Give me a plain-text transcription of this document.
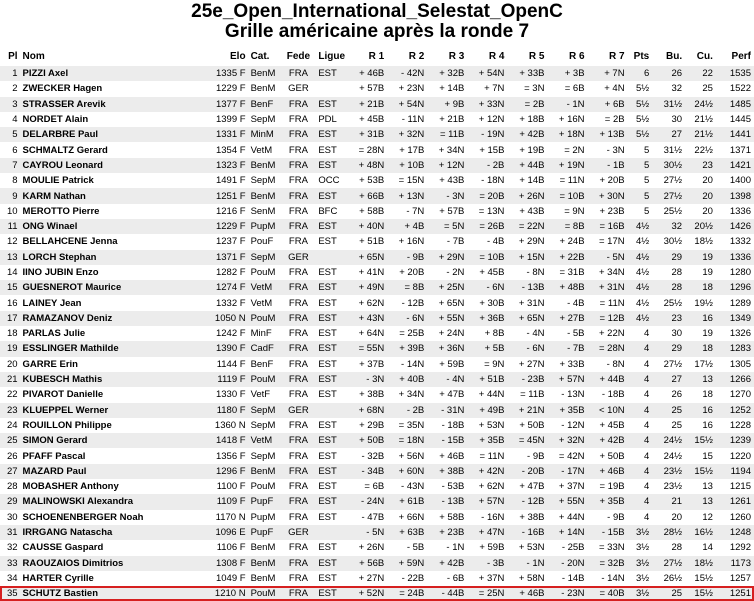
25e_Open_International_Selestat_OpenC
Grille américaine après la ronde 7
Pl	Nom	Elo	Cat.	Fede	Ligue	R 1	R 2	R 3	R 4	R 5	R 6	R 7	Pts	Bu.	Cu.	Perf
1	PIZZI Axel	1335 F	BenM	FRA	EST	+ 46B	- 42N	+ 32B	+ 54N	+ 33B	+ 3B	+ 7N	6	26	22	1535
2	ZWECKER Hagen	1229 F	BenM	GER		+ 57B	+ 23N	+ 14B	+ 7N	= 3N	= 6B	+ 4N	5½	32	25	1522
3	STRASSER Arevik	1377 F	BenF	FRA	EST	+ 21B	+ 54N	+ 9B	+ 33N	= 2B	- 1N	+ 6B	5½	31½	24½	1485
4	NORDET Alain	1399 F	SepM	FRA	PDL	+ 45B	- 11N	+ 21B	+ 12N	+ 18B	+ 16N	= 2B	5½	30	21½	1445
5	DELARBRE Paul	1331 F	MinM	FRA	EST	+ 31B	+ 32N	= 11B	- 19N	+ 42B	+ 18N	+ 13B	5½	27	21½	1441
6	SCHMALTZ Gerard	1354 F	VetM	FRA	EST	= 28N	+ 17B	+ 34N	+ 15B	+ 19B	= 2N	- 3N	5	31½	22½	1371
7	CAYROU Leonard	1323 F	BenM	FRA	EST	+ 48N	+ 10B	+ 12N	- 2B	+ 44B	+ 19N	- 1B	5	30½	23	1421
8	MOULIE Patrick	1491 F	SepM	FRA	OCC	+ 53B	= 15N	+ 43B	- 18N	+ 14B	= 11N	+ 20B	5	27½	20	1400
9	KARM Nathan	1251 F	BenM	FRA	EST	+ 66B	+ 13N	- 3N	= 20B	+ 26N	= 10B	+ 30N	5	27½	20	1398
10	MEROTTO Pierre	1216 F	SenM	FRA	BFC	+ 58B	- 7N	+ 57B	= 13N	+ 43B	= 9N	+ 23B	5	25½	20	1336
11	ONG Winael	1229 F	PupM	FRA	EST	+ 40N	+ 4B	= 5N	= 26B	= 22N	= 8B	= 16B	4½	32	20½	1426
12	BELLAHCENE Jenna	1237 F	PouF	FRA	EST	+ 51B	+ 16N	- 7B	- 4B	+ 29N	+ 24B	= 17N	4½	30½	18½	1332
13	LORCH Stephan	1371 F	SepM	GER		+ 65N	- 9B	+ 29N	= 10B	+ 15N	+ 22B	- 5N	4½	29	19	1336
14	IINO JUBIN Enzo	1282 F	PouM	FRA	EST	+ 41N	+ 20B	- 2N	+ 45B	- 8N	= 31B	+ 34N	4½	28	19	1280
15	GUESNEROT Maurice	1274 F	VetM	FRA	EST	+ 49N	= 8B	+ 25N	- 6N	- 13B	+ 48B	+ 31N	4½	28	18	1296
16	LAINEY Jean	1332 F	VetM	FRA	EST	+ 62N	- 12B	+ 65N	+ 30B	+ 31N	- 4B	= 11N	4½	25½	19½	1289
17	RAMAZANOV Deniz	1050 N	PouM	FRA	EST	+ 43N	- 6N	+ 55N	+ 36B	+ 65N	+ 27B	= 12B	4½	23	16	1349
18	PARLAS Julie	1242 F	MinF	FRA	EST	+ 64N	= 25B	+ 24N	+ 8B	- 4N	- 5B	+ 22N	4	30	19	1326
19	ESSLINGER Mathilde	1390 F	CadF	FRA	EST	= 55N	+ 39B	+ 36N	+ 5B	- 6N	- 7B	= 28N	4	29	18	1283
20	GARRE Erin	1144 F	BenF	FRA	EST	+ 37B	- 14N	+ 59B	= 9N	+ 27N	+ 33B	- 8N	4	27½	17½	1305
21	KUBESCH Mathis	1119 F	PouM	FRA	EST	- 3N	+ 40B	- 4N	+ 51B	- 23B	+ 57N	+ 44B	4	27	13	1266
22	PIVAROT Danielle	1330 F	VetF	FRA	EST	+ 38B	+ 34N	+ 47B	+ 44N	= 11B	- 13N	- 18B	4	26	18	1270
23	KLUEPPEL Werner	1180 F	SepM	GER		+ 68N	- 2B	- 31N	+ 49B	+ 21N	+ 35B	< 10N	4	25	16	1252
24	ROUILLON Philippe	1360 N	SepM	FRA	EST	+ 29B	= 35N	- 18B	+ 53N	+ 50B	- 12N	+ 45B	4	25	16	1228
25	SIMON Gerard	1418 F	VetM	FRA	EST	+ 50B	= 18N	- 15B	+ 35B	= 45N	+ 32N	+ 42B	4	24½	15½	1239
26	PFAFF Pascal	1356 F	SepM	FRA	EST	- 32B	+ 56N	+ 46B	= 11N	- 9B	= 42N	+ 50B	4	24½	15	1220
27	MAZARD Paul	1296 F	BenM	FRA	EST	- 34B	+ 60N	+ 38B	+ 42N	- 20B	- 17N	+ 46B	4	23½	15½	1194
28	MOBASHER Anthony	1100 F	PouM	FRA	EST	= 6B	- 43N	- 53B	+ 62N	+ 47B	+ 37N	= 19B	4	23½	13	1215
29	MALINOWSKI Alexandra	1109 F	PupF	FRA	EST	- 24N	+ 61B	- 13B	+ 57N	- 12B	+ 55N	+ 35B	4	21	13	1261
30	SCHOENENBERGER Noah	1170 N	PupM	FRA	EST	- 47B	+ 66N	+ 58B	- 16N	+ 38B	+ 44N	- 9B	4	20	12	1260
31	IRRGANG Natascha	1096 E	PupF	GER		- 5N	+ 63B	+ 23B	+ 47N	- 16B	+ 14N	- 15B	3½	28½	16½	1248
32	CAUSSE Gaspard	1106 F	BenM	FRA	EST	+ 26N	- 5B	- 1N	+ 59B	+ 53N	- 25B	= 33N	3½	28	14	1292
33	RAOUZAIOS Dimitrios	1308 F	BenM	FRA	EST	+ 56B	+ 59N	+ 42B	- 3B	- 1N	- 20N	= 32B	3½	27½	18½	1173
34	HARTER Cyrille	1049 F	BenM	FRA	EST	+ 27N	- 22B	- 6B	+ 37N	+ 58N	- 14B	- 14N	3½	26½	15½	1257
35	SCHUTZ Bastien	1210 N	PouM	FRA	EST	+ 52N	= 24B	- 44B	= 25N	+ 46B	- 23N	= 40B	3½	25	15½	1251
